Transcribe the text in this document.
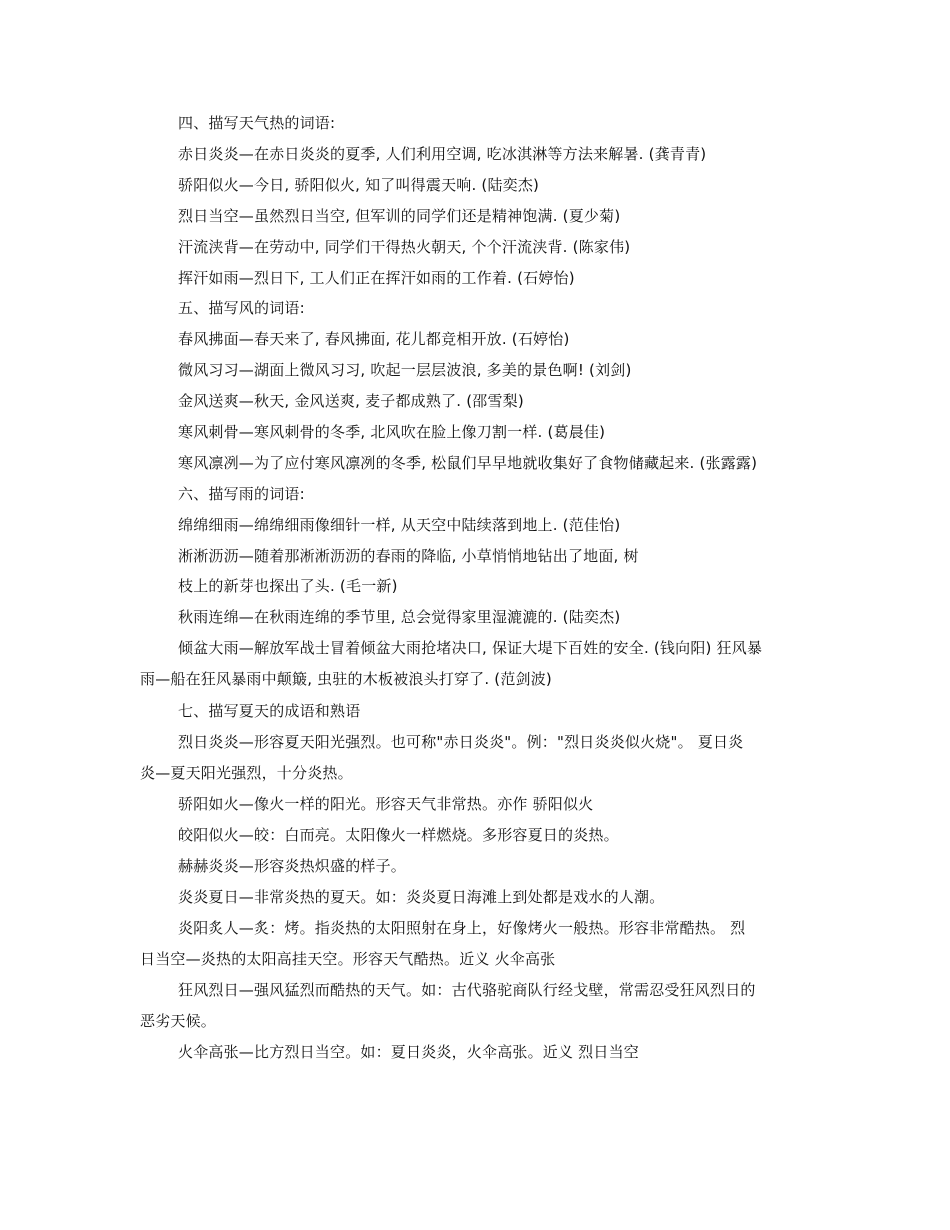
四、描写天气热的词语:
赤日炎炎—在赤日炎炎的夏季, 人们利用空调, 吃冰淇淋等方法来解暑. (龚青青)
骄阳似火—今日, 骄阳似火, 知了叫得震天响. (陆奕杰)
烈日当空—虽然烈日当空, 但军训的同学们还是精神饱满. (夏少菊)
汗流浃背—在劳动中, 同学们干得热火朝天, 个个汗流浃背. (陈家伟)
挥汗如雨—烈日下, 工人们正在挥汗如雨的工作着. (石婷怡)
五、描写风的词语:
春风拂面—春天来了, 春风拂面, 花儿都竞相开放. (石婷怡)
微风习习—湖面上微风习习, 吹起一层层波浪, 多美的景色啊! (刘剑)
金风送爽—秋天, 金风送爽, 麦子都成熟了. (邵雪梨)
寒风刺骨—寒风刺骨的冬季, 北风吹在脸上像刀割一样. (葛晨佳)
寒风凛冽—为了应付寒风凛冽的冬季, 松鼠们早早地就收集好了食物储藏起来. (张露露)
六、描写雨的词语:
绵绵细雨—绵绵细雨像细针一样, 从天空中陆续落到地上. (范佳怡)
淅淅沥沥—随着那淅淅沥沥的春雨的降临, 小草悄悄地钻出了地面, 树
枝上的新芽也探出了头. (毛一新)
秋雨连绵—在秋雨连绵的季节里, 总会觉得家里湿漉漉的. (陆奕杰)
倾盆大雨—解放军战士冒着倾盆大雨抢堵决口, 保证大堤下百姓的安全. (钱向阳) 狂风暴
雨—船在狂风暴雨中颠簸, 虫驻的木板被浪头打穿了. (范剑波)
七、描写夏天的成语和熟语
烈日炎炎—形容夏天阳光强烈。也可称"赤日炎炎"。例："烈日炎炎似火烧"。 夏日炎
炎—夏天阳光强烈，十分炎热。
骄阳如火—像火一样的阳光。形容天气非常热。亦作 骄阳似火
皎阳似火—皎：白而亮。太阳像火一样燃烧。多形容夏日的炎热。
赫赫炎炎—形容炎热炽盛的样子。
炎炎夏日—非常炎热的夏天。如：炎炎夏日海滩上到处都是戏水的人潮。
炎阳炙人—炙：烤。指炎热的太阳照射在身上，好像烤火一般热。形容非常酷热。 烈
日当空—炎热的太阳高挂天空。形容天气酷热。近义 火伞高张
狂风烈日—强风猛烈而酷热的天气。如：古代骆驼商队行经戈壁，常需忍受狂风烈日的
恶劣天候。
火伞高张—比方烈日当空。如：夏日炎炎，火伞高张。近义 烈日当空
